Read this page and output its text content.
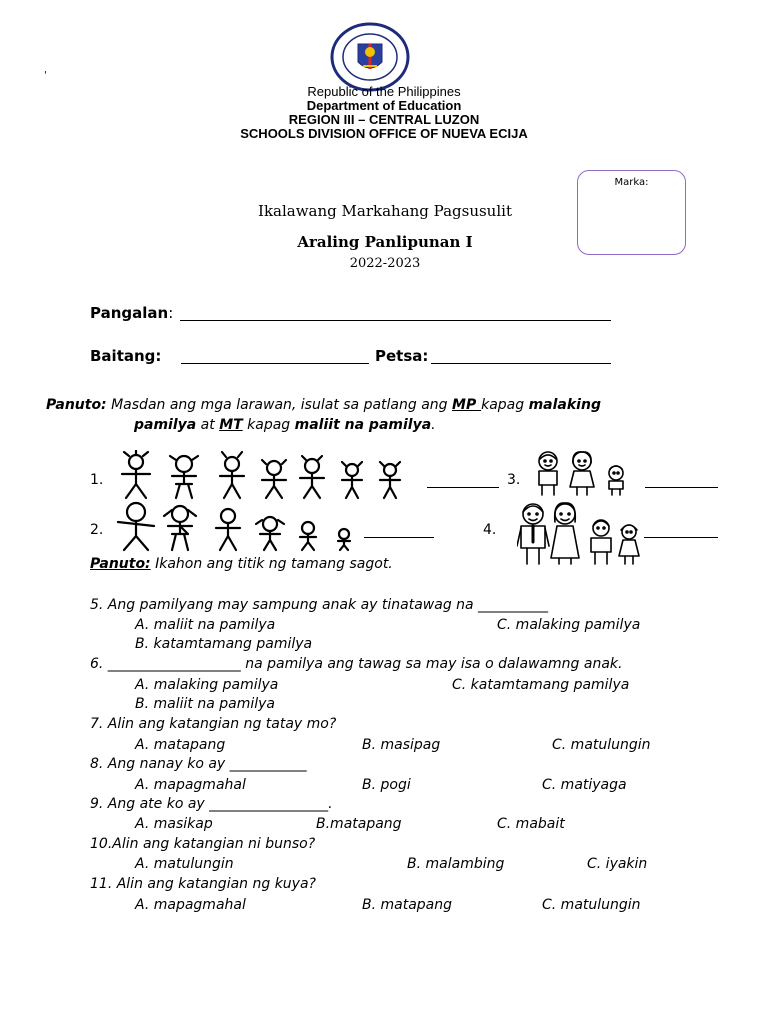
'
Republic of the Philippines
Department of Education
REGION III – CENTRAL LUZON
SCHOOLS DIVISION OFFICE OF NUEVA ECIJA
Marka:
Ikalawang Markahang Pagsusulit
Araling Panlipunan I
2022-2023
Pangalan:
Baitang:	Petsa:
Panuto: Masdan ang mga larawan, isulat sa patlang ang MP kapag malaking
pamilya at MT kapag maliit na pamilya.
1.
2.
3.
4.
Panuto: Ikahon ang titik ng tamang sagot.
5. Ang pamilyang may sampung anak ay tinatawag na __________
A. maliit na pamilya	C. malaking pamilya
B. katamtamang pamilya
6. ___________________ na pamilya ang tawag sa may isa o dalawamng anak.
A. malaking pamilya	C. katamtamang pamilya
B. maliit na pamilya
7. Alin ang katangian ng tatay mo?
A. matapang	B. masipag	C. matulungin
8. Ang nanay ko ay ___________
A. mapagmahal	B. pogi	C. matiyaga
9. Ang ate ko ay _________________.
A. masikap	B.matapang	C. mabait
10.Alin ang katangian ni bunso?
A. matulungin	B. malambing	C. iyakin
11. Alin ang katangian ng kuya?
A. mapagmahal	B. matapang	C. matulungin
